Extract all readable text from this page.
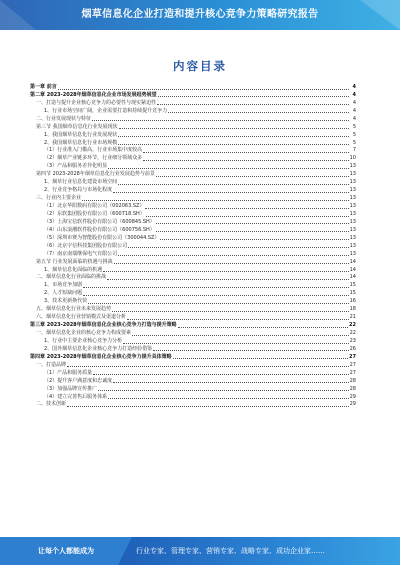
烟草信息化企业打造和提升核心竞争力策略研究报告
内容目录
第一章 前言	4
第二章 2023-2028年烟草信息化企业市场发展趋势展望	4
一、打造与提升企业核心竞争力的必要性与现实紧迫性	4
1、行业市场空间广阔，企业需要打造和持续提升竞争力	4
二、行业发展现状与特征	4
第三节 我国烟草信息化行业发展现状	5
1、我国烟草信息化行业发展现状	5
2、我国烟草信息化行业市场规模	5
（1）行业准入门槛高，行业市场集中度较高	7
（2）烟草产业链多环节，行业细分领域众多	10
（3）产品和服务差异化明显	13
第四节 2023-2028年烟草信息化行业发展趋势与前景	13
1、烟草行业信息化建设市场空间	13
2、行业竞争格局与市场化程度	13
三、行业内主要企业	13
（1）北京华阳数码有限公司（002063.SZ）	13
（2）东软集团股份有限公司（600718.SH）	13
（3）上海宝信软件股份有限公司（600845.SH）	13
（4）山东浪潮软件股份有限公司（600756.SH）	13
（5）深圳市赛为智能股份有限公司（300044.SZ）	13
（6）北京宇信科技集团股份有限公司	13
（7）南京南瑞继保电气有限公司	13
第五节 行业发展面临的机遇与挑战	14
1、烟草信息化面临的机遇	14
二、烟草信息化行业面临的挑战	14
1、市场竞争加剧	15
2、人才短缺问题	15
3、技术更新换代快	16
五、烟草信息化行业未来发展趋势	18
六、烟草信息化行业营销模式及渠道分析	21
第三章 2023-2028年烟草信息化企业核心竞争力打造与提升策略	22
一、烟草信息化企业的核心竞争力构成要素	22
1、行业中主要企业核心竞争力分析	23
2、国外烟草信息化企业核心竞争力打造经验借鉴	26
第四章 2023-2028年烟草信息化企业核心竞争力提升具体策略	27
一、打造品牌	27
（1）产品和服务质量	27
（2）提升客户满意度和忠诚度	28
（3）加强品牌宣传推广	28
（4）建立完善售后服务体系	29
二、技术创新	29
让每个人都能成为	行业专家、管理专家、营销专家、战略专家、成功企业家……
